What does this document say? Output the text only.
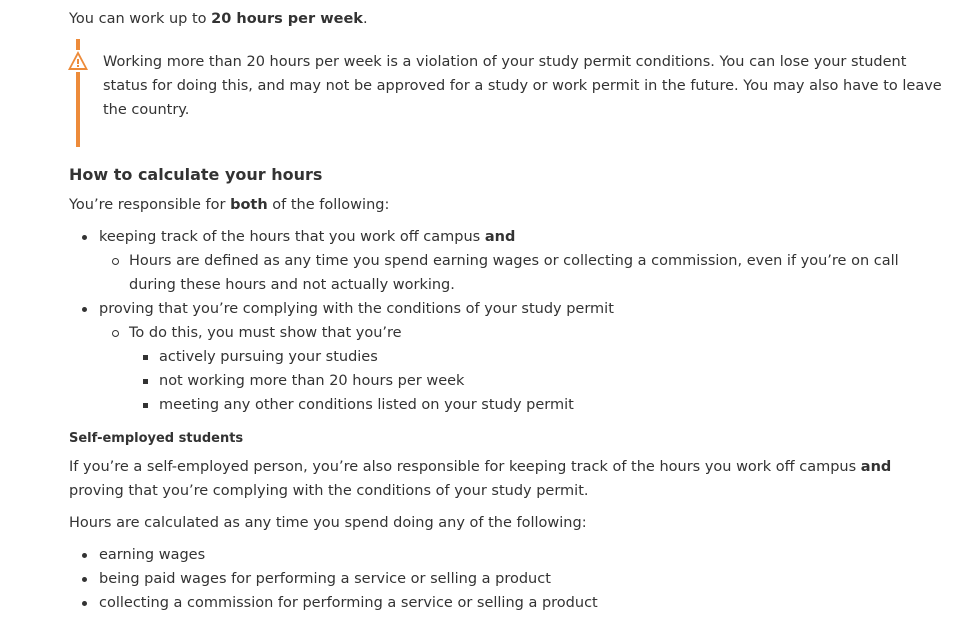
You can work up to 20 hours per week.

Working more than 20 hours per week is a violation of your study permit conditions. You can lose your student status for doing this, and may not be approved for a study or work permit in the future. You may also have to leave the country.

How to calculate your hours

You’re responsible for both of the following:

keeping track of the hours that you work off campus and
Hours are defined as any time you spend earning wages or collecting a commission, even if you’re on call during these hours and not actually working.
proving that you’re complying with the conditions of your study permit
To do this, you must show that you’re
actively pursuing your studies
not working more than 20 hours per week
meeting any other conditions listed on your study permit
Self-employed students

If you’re a self-employed person, you’re also responsible for keeping track of the hours you work off campus and proving that you’re complying with the conditions of your study permit.

Hours are calculated as any time you spend doing any of the following:

earning wages
being paid wages for performing a service or selling a product
collecting a commission for performing a service or selling a product
